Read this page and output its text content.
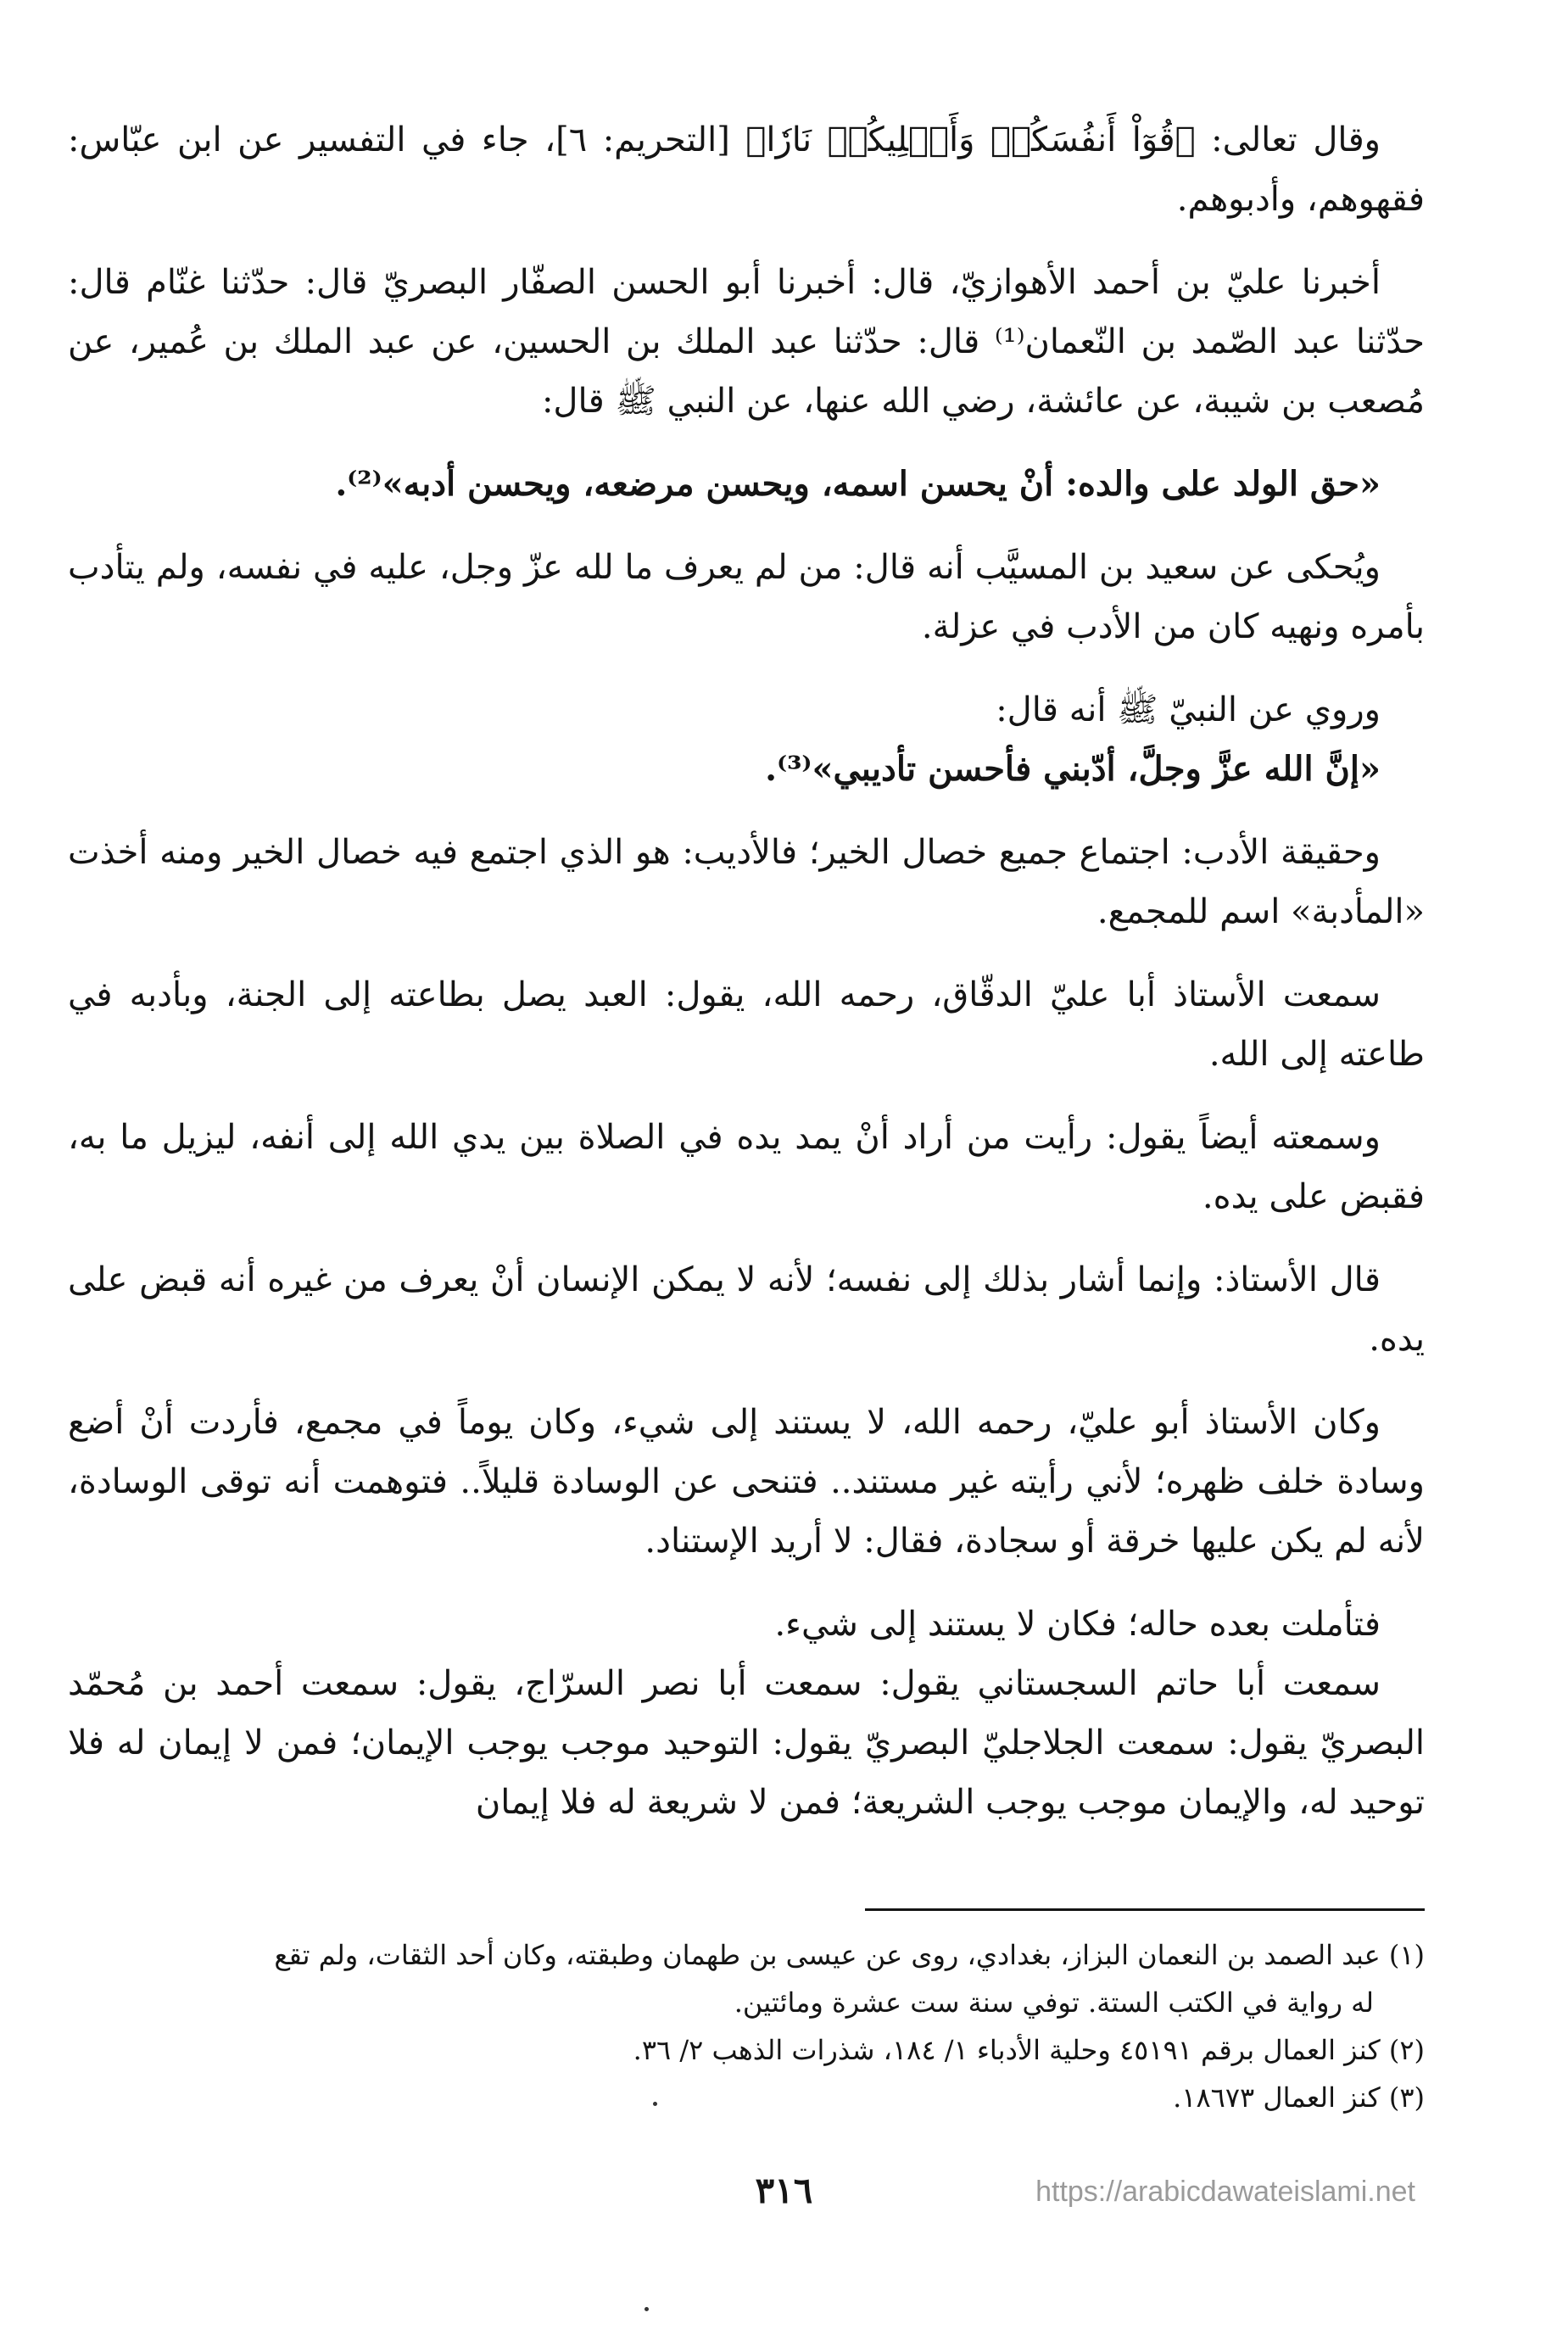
وقال تعالى: ﴿قُوٓاْ أَنفُسَكُمۡ وَأَهۡلِيكُمۡ نَارٗا﴾ [التحريم: ٦]، جاء في التفسير عن ابن عبّاس: فقهوهم، وأدبوهم.

أخبرنا عليّ بن أحمد الأهوازيّ، قال: أخبرنا أبو الحسن الصفّار البصريّ قال: حدّثنا غنّام قال: حدّثنا عبد الصّمد بن النّعمان⁽¹⁾ قال: حدّثنا عبد الملك بن الحسين، عن عبد الملك بن عُمير، عن مُصعب بن شيبة، عن عائشة، رضي الله عنها، عن النبي ﷺ قال:

«حق الولد على والده: أنْ يحسن اسمه، ويحسن مرضعه، ويحسن أدبه»⁽²⁾.

ويُحكى عن سعيد بن المسيَّب أنه قال: من لم يعرف ما لله عزّ وجل، عليه في نفسه، ولم يتأدب بأمره ونهيه كان من الأدب في عزلة.

وروي عن النبيّ ﷺ أنه قال:

«إنَّ الله عزَّ وجلَّ، أدّبني فأحسن تأديبي»⁽³⁾.

وحقيقة الأدب: اجتماع جميع خصال الخير؛ فالأديب: هو الذي اجتمع فيه خصال الخير ومنه أخذت «المأدبة» اسم للمجمع.

سمعت الأستاذ أبا عليّ الدقّاق، رحمه الله، يقول: العبد يصل بطاعته إلى الجنة، وبأدبه في طاعته إلى الله.

وسمعته أيضاً يقول: رأيت من أراد أنْ يمد يده في الصلاة بين يدي الله إلى أنفه، ليزيل ما به، فقبض على يده.

قال الأستاذ: وإنما أشار بذلك إلى نفسه؛ لأنه لا يمكن الإنسان أنْ يعرف من غيره أنه قبض على يده.

وكان الأستاذ أبو عليّ، رحمه الله، لا يستند إلى شيء، وكان يوماً في مجمع، فأردت أنْ أضع وسادة خلف ظهره؛ لأني رأيته غير مستند.. فتنحى عن الوسادة قليلاً.. فتوهمت أنه توقى الوسادة، لأنه لم يكن عليها خرقة أو سجادة، فقال: لا أريد الإستناد.

فتأملت بعده حاله؛ فكان لا يستند إلى شيء.

سمعت أبا حاتم السجستاني يقول: سمعت أبا نصر السرّاج، يقول: سمعت أحمد بن مُحمّد البصريّ يقول: سمعت الجلاجليّ البصريّ يقول: التوحيد موجب يوجب الإيمان؛ فمن لا إيمان له فلا توحيد له، والإيمان موجب يوجب الشريعة؛ فمن لا شريعة له فلا إيمان

(١) عبد الصمد بن النعمان البزاز، بغدادي، روى عن عيسى بن طهمان وطبقته، وكان أحد الثقات، ولم تقع
له رواية في الكتب الستة. توفي سنة ست عشرة ومائتين.

(٢) كنز العمال برقم ٤٥١٩١ وحلية الأدباء ١/ ١٨٤، شذرات الذهب ٢/ ٣٦.

(٣) كنز العمال ١٨٦٧٣.

٣١٦	https://arabicdawateislami.net
